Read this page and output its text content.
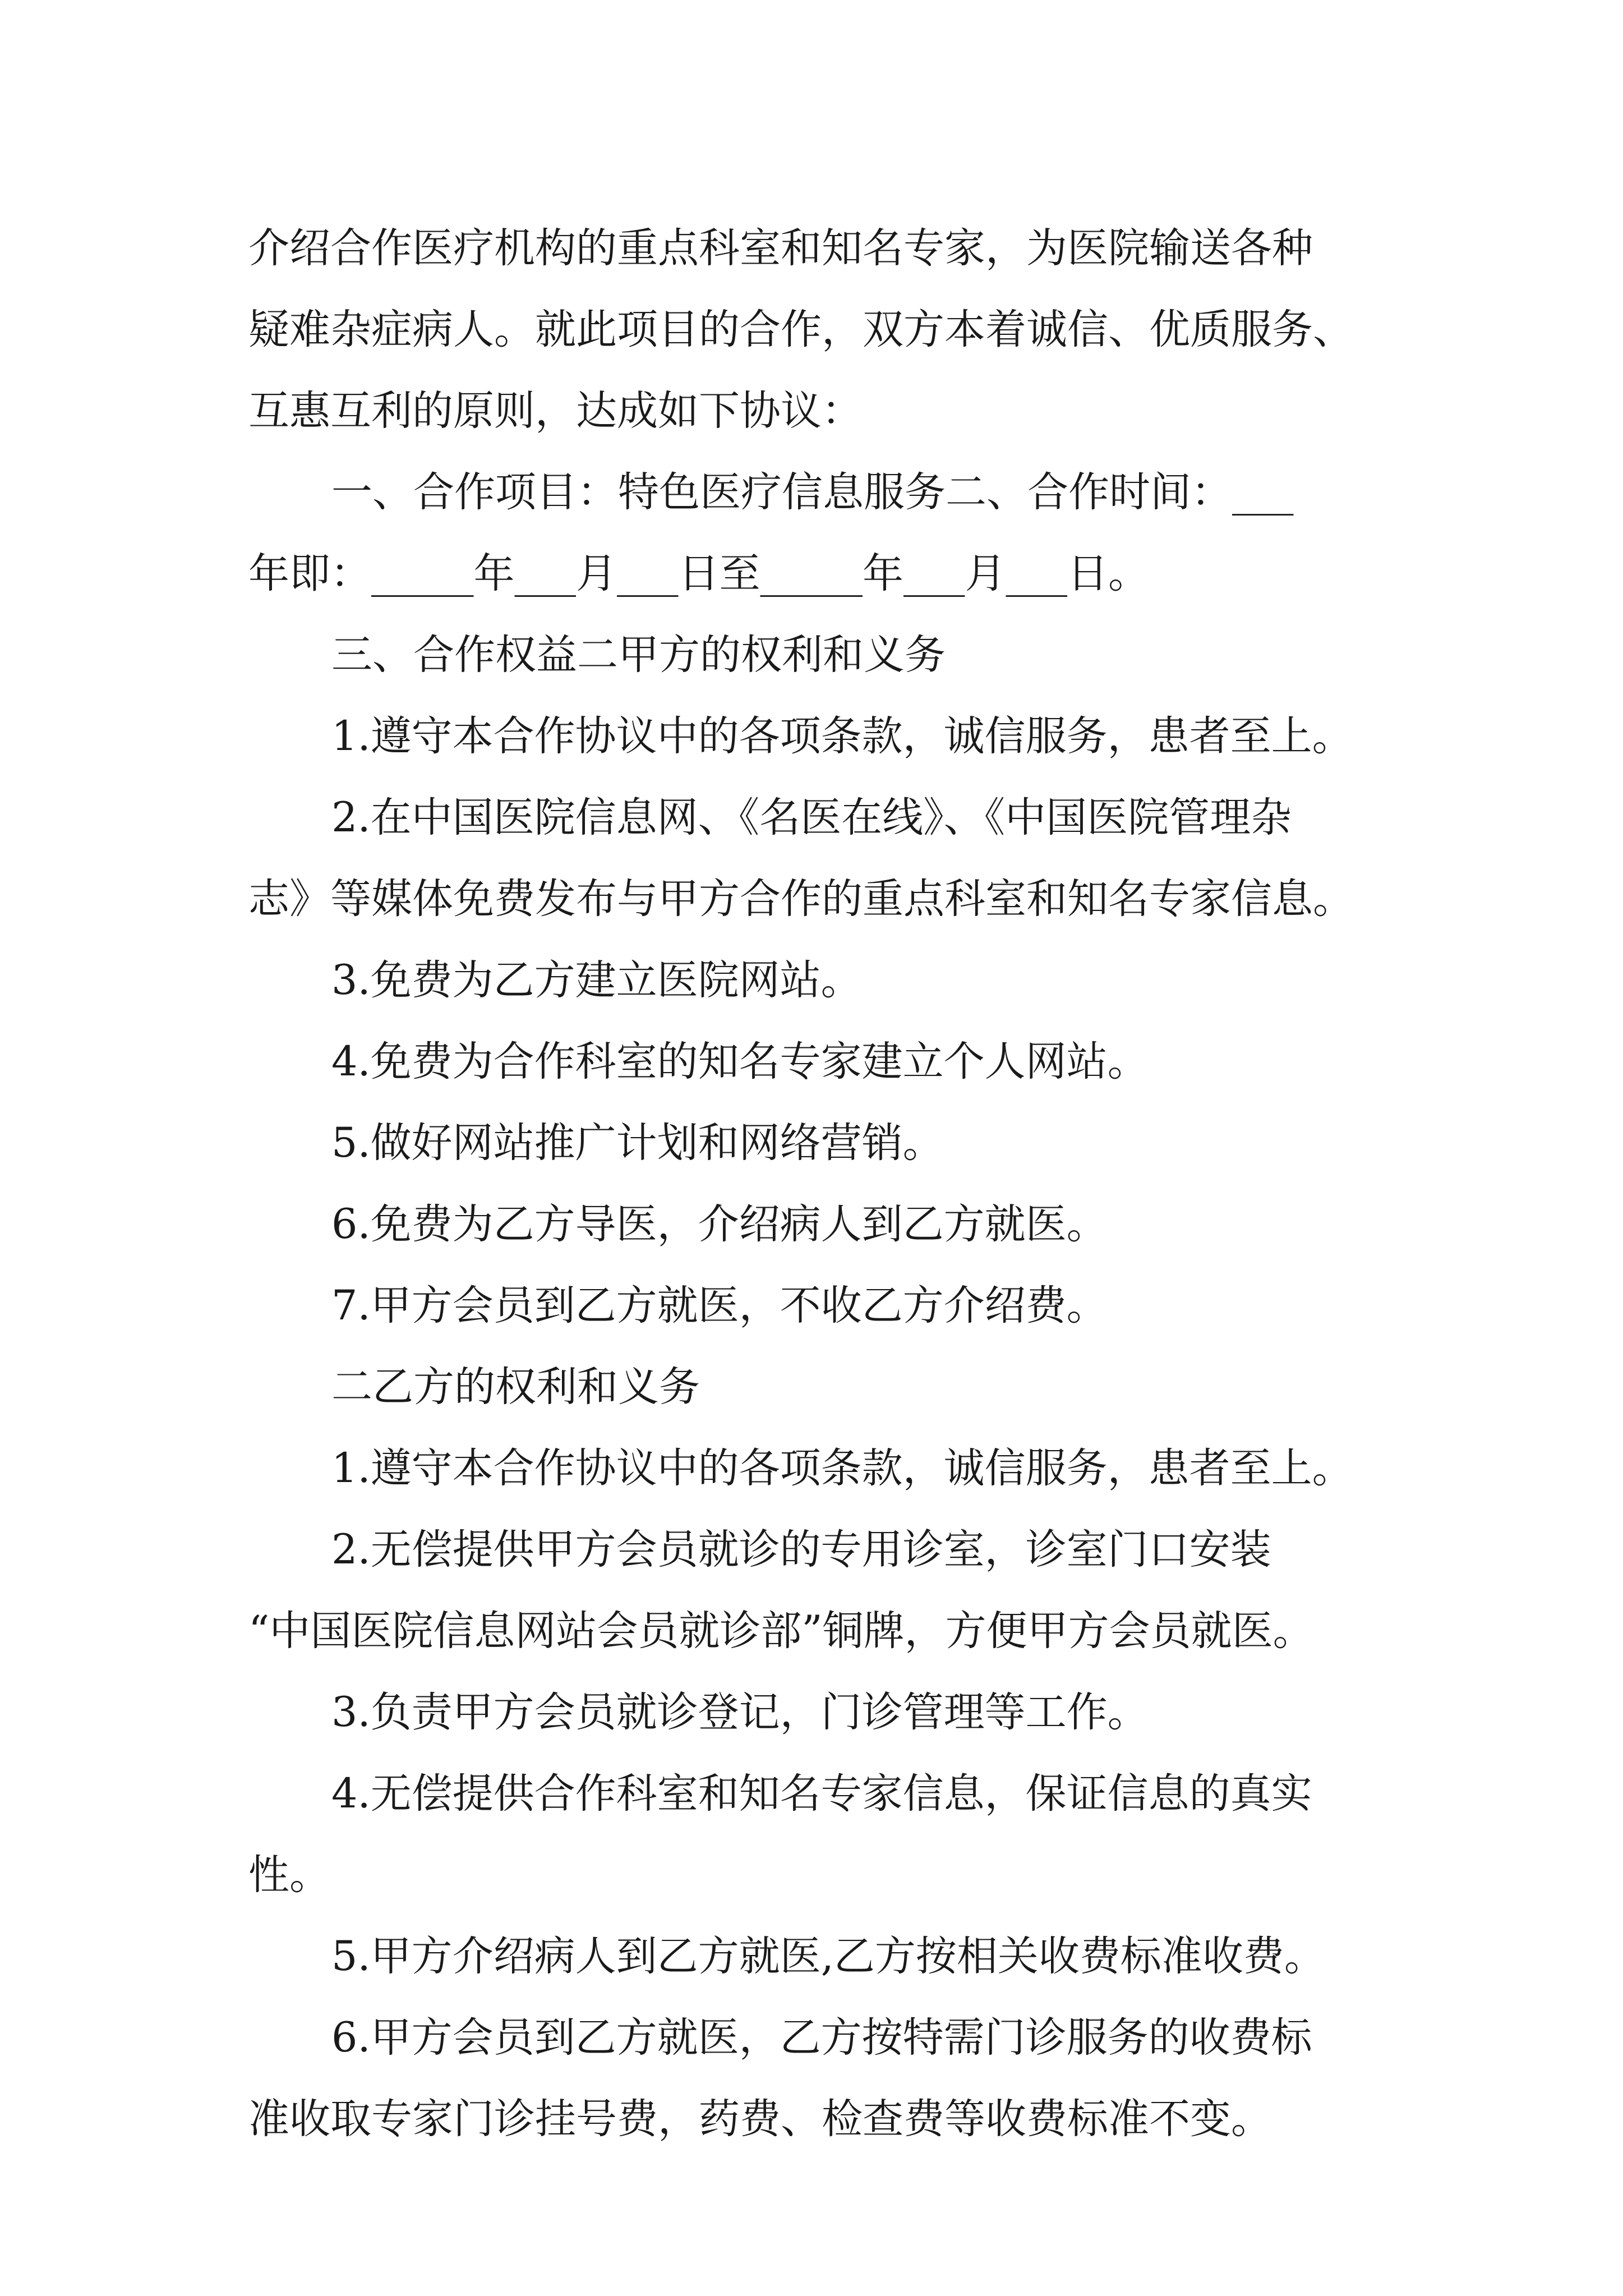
介绍合作医疗机构的重点科室和知名专家，为医院输送各种
疑难杂症病人。就此项目的合作，双方本着诚信、优质服务、
互惠互利的原则，达成如下协议：
一、合作项目：特色医疗信息服务二、合作时间：___
年即：_____年___月___日至_____年___月___日。
三、合作权益二甲方的权利和义务
1.遵守本合作协议中的各项条款，诚信服务，患者至上。
2.在中国医院信息网、《名医在线》、《中国医院管理杂
志》等媒体免费发布与甲方合作的重点科室和知名专家信息。
3.免费为乙方建立医院网站。
4.免费为合作科室的知名专家建立个人网站。
5.做好网站推广计划和网络营销。
6.免费为乙方导医，介绍病人到乙方就医。
7.甲方会员到乙方就医，不收乙方介绍费。
二乙方的权利和义务
1.遵守本合作协议中的各项条款，诚信服务，患者至上。
2.无偿提供甲方会员就诊的专用诊室，诊室门口安装
“中国医院信息网站会员就诊部”铜牌，方便甲方会员就医。
3.负责甲方会员就诊登记，门诊管理等工作。
4.无偿提供合作科室和知名专家信息，保证信息的真实
性。
5.甲方介绍病人到乙方就医,乙方按相关收费标准收费。
6.甲方会员到乙方就医，乙方按特需门诊服务的收费标
准收取专家门诊挂号费，药费、检查费等收费标准不变。
